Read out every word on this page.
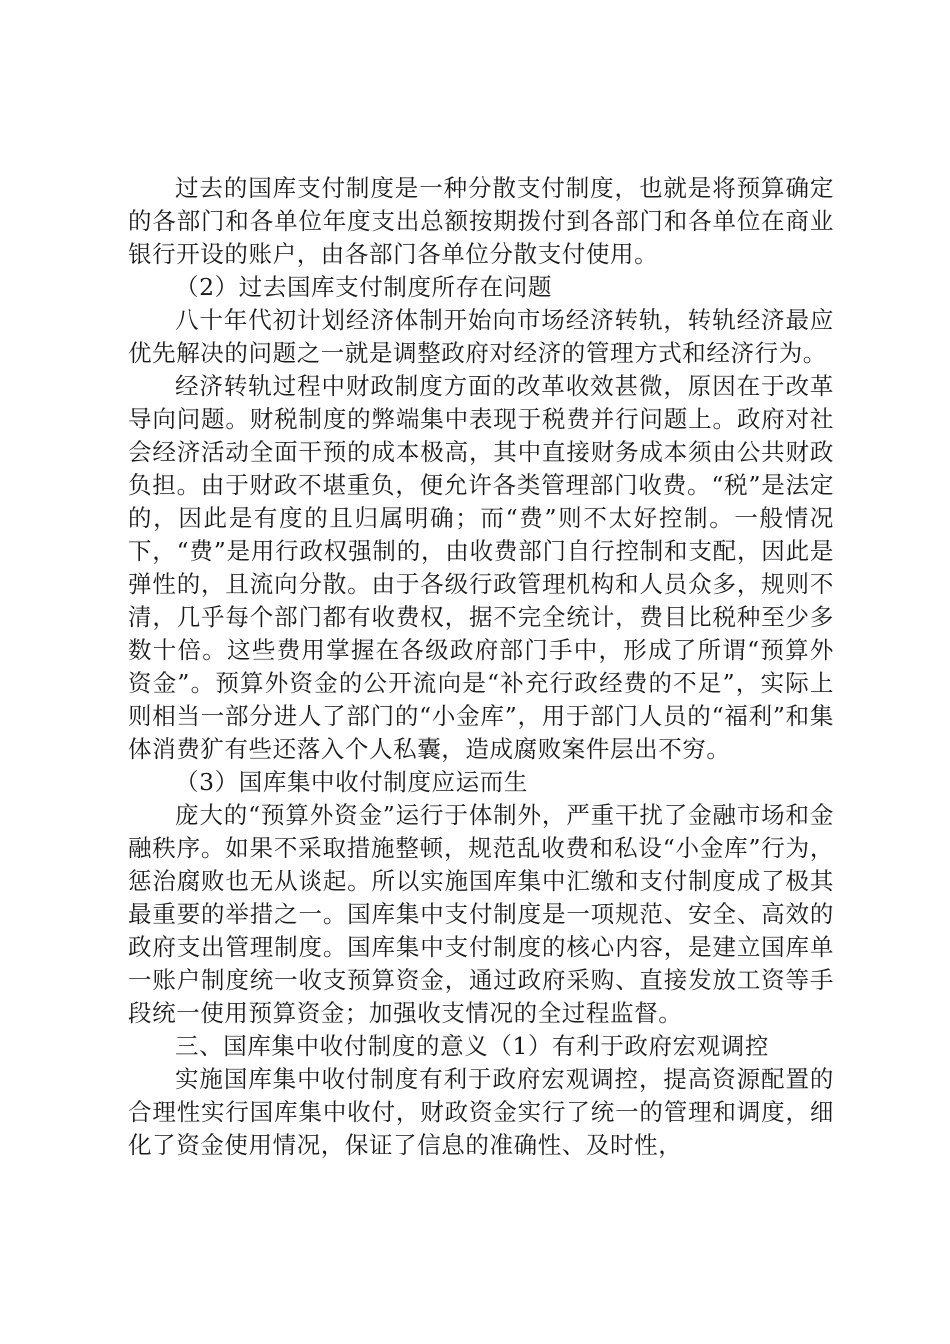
过去的国库支付制度是一种分散支付制度，也就是将预算确定的各部门和各单位年度支出总额按期拨付到各部门和各单位在商业银行开设的账户，由各部门各单位分散支付使用。

（2）过去国库支付制度所存在问题

八十年代初计划经济体制开始向市场经济转轨，转轨经济最应优先解决的问题之一就是调整政府对经济的管理方式和经济行为。

经济转轨过程中财政制度方面的改革收效甚微，原因在于改革导向问题。财税制度的弊端集中表现于税费并行问题上。政府对社会经济活动全面干预的成本极高，其中直接财务成本须由公共财政负担。由于财政不堪重负，便允许各类管理部门收费。“税”是法定的，因此是有度的且归属明确；而“费”则不太好控制。一般情况下，“费”是用行政权强制的，由收费部门自行控制和支配，因此是弹性的，且流向分散。由于各级行政管理机构和人员众多，规则不清，几乎每个部门都有收费权，据不完全统计，费目比税种至少多数十倍。这些费用掌握在各级政府部门手中，形成了所谓“预算外资金”。预算外资金的公开流向是“补充行政经费的不足”，实际上则相当一部分进人了部门的“小金库”，用于部门人员的“福利”和集体消费犷有些还落入个人私囊，造成腐败案件层出不穷。

（3）国库集中收付制度应运而生

庞大的“预算外资金”运行于体制外，严重干扰了金融市场和金融秩序。如果不采取措施整顿，规范乱收费和私设“小金库”行为，惩治腐败也无从谈起。所以实施国库集中汇缴和支付制度成了极其最重要的举措之一。国库集中支付制度是一项规范、安全、高效的政府支出管理制度。国库集中支付制度的核心内容，是建立国库单一账户制度统一收支预算资金，通过政府采购、直接发放工资等手段统一使用预算资金；加强收支情况的全过程监督。

三、国库集中收付制度的意义（1）有利于政府宏观调控

实施国库集中收付制度有利于政府宏观调控，提高资源配置的合理性实行国库集中收付，财政资金实行了统一的管理和调度，细化了资金使用情况，保证了信息的准确性、及时性，
